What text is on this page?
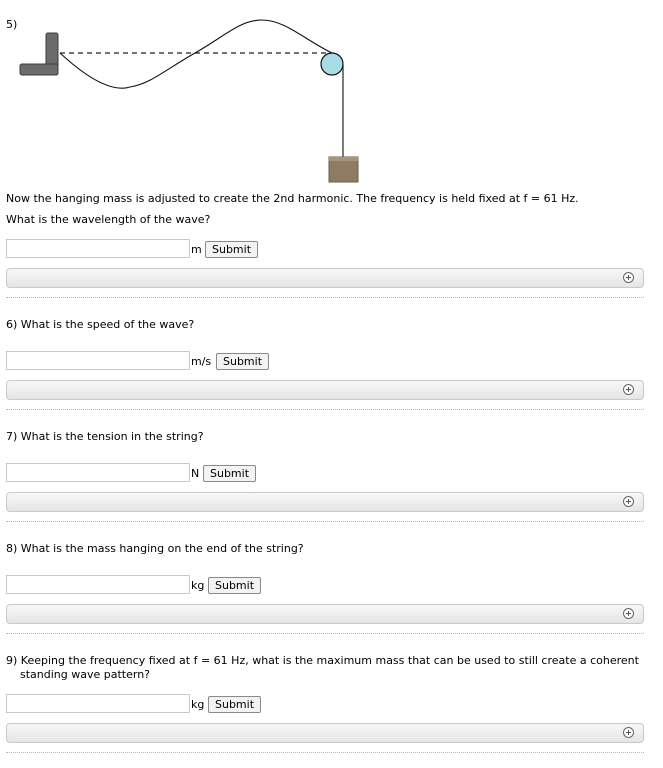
5)
Now the hanging mass is adjusted to create the 2nd harmonic. The frequency is held fixed at f = 61 Hz.
What is the wavelength of the wave?
m Submit
6) What is the speed of the wave?
m/s	Submit
7) What is the tension in the string?
N Submit
8) What is the mass hanging on the end of the string?
kg Submit
9) Keeping the frequency fixed at f = 61 Hz, what is the maximum mass that can be used to still create a coherent
standing wave pattern?
kg Submit
